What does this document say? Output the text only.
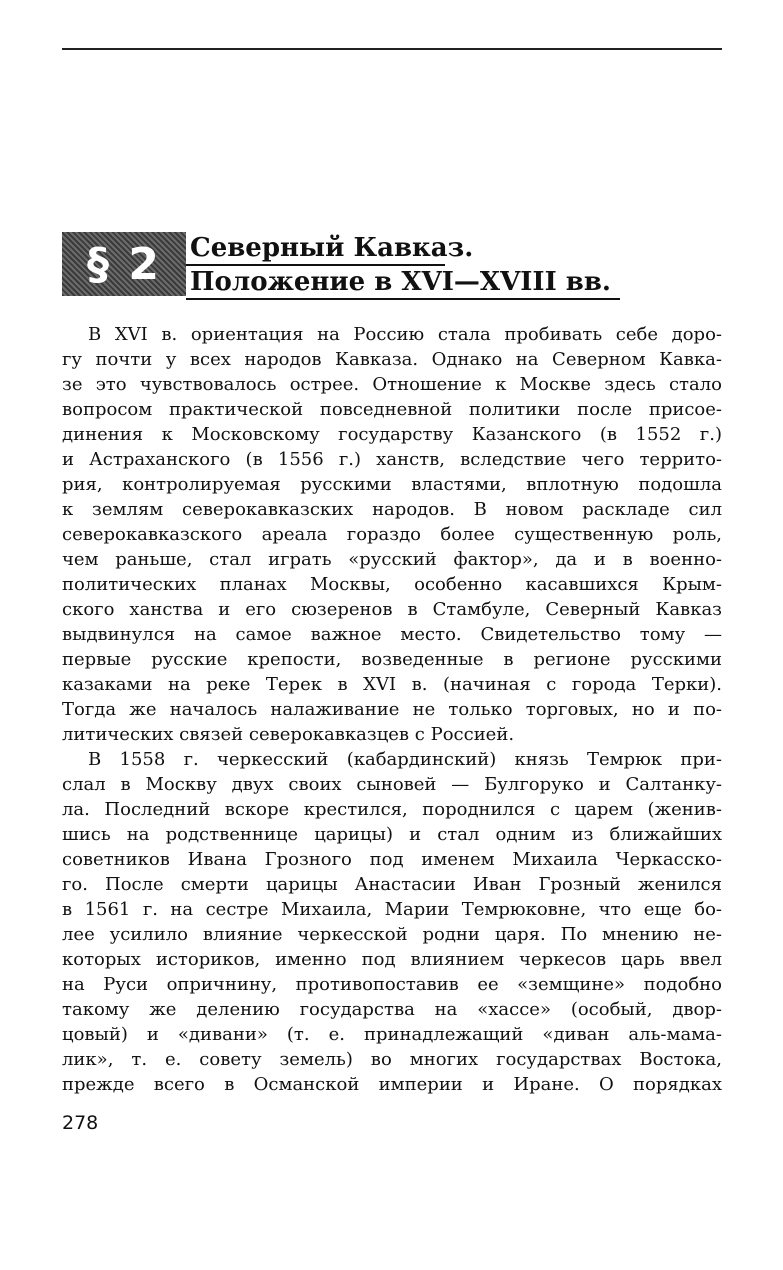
§ 2	Северный Кавказ.
Положение в XVI—XVIII вв.
В XVI в. ориентация на Россию стала пробивать себе доро-
гу почти у всех народов Кавказа. Однако на Северном Кавка-
зе это чувствовалось острее. Отношение к Москве здесь стало
вопросом практической повседневной политики после присое-
динения к Московскому государству Казанского (в 1552 г.)
и Астраханского (в 1556 г.) ханств, вследствие чего террито-
рия, контролируемая русскими властями, вплотную подошла
к землям северокавказских народов. В новом раскладе сил
северокавказского ареала гораздо более существенную роль,
чем раньше, стал играть «русский фактор», да и в военно-
политических планах Москвы, особенно касавшихся Крым-
ского ханства и его сюзеренов в Стамбуле, Северный Кавказ
выдвинулся на самое важное место. Свидетельство тому —
первые русские крепости, возведенные в регионе русскими
казаками на реке Терек в XVI в. (начиная с города Терки).
Тогда же началось налаживание не только торговых, но и по-
литических связей северокавказцев с Россией.
В 1558 г. черкесский (кабардинский) князь Темрюк при-
слал в Москву двух своих сыновей — Булгоруко и Салтанку-
ла. Последний вскоре крестился, породнился с царем (женив-
шись на родственнице царицы) и стал одним из ближайших
советников Ивана Грозного под именем Михаила Черкасско-
го. После смерти царицы Анастасии Иван Грозный женился
в 1561 г. на сестре Михаила, Марии Темрюковне, что еще бо-
лее усилило влияние черкесской родни царя. По мнению не-
которых историков, именно под влиянием черкесов царь ввел
на Руси опричнину, противопоставив ее «земщине» подобно
такому же делению государства на «хассе» (особый, двор-
цовый) и «дивани» (т. е. принадлежащий «диван аль-мама-
лик», т. е. совету земель) во многих государствах Востока,
прежде всего в Османской империи и Иране. О порядках
278
